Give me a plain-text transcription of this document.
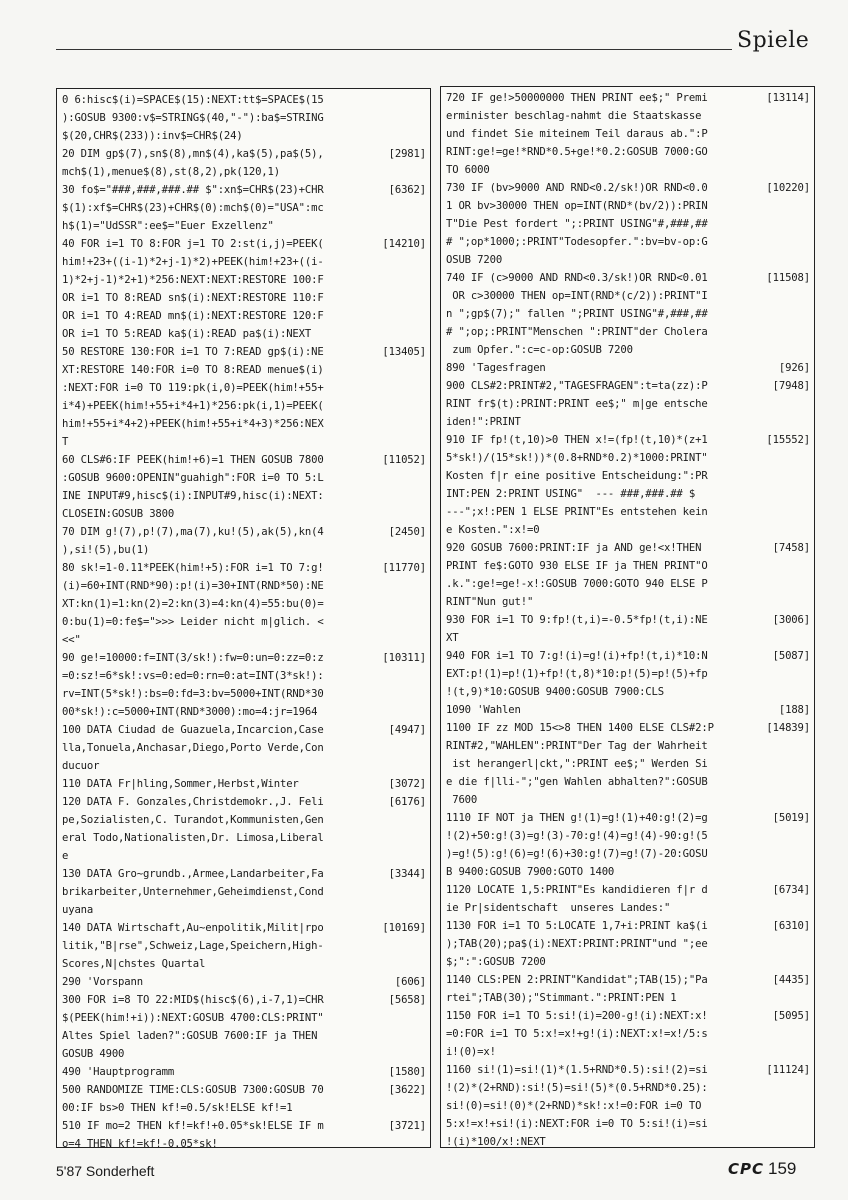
Spiele
0 6:hisc$(i)=SPACE$(15):NEXT:tt$=SPACE$(15
):GOSUB 9300:v$=STRING$(40,"-"):ba$=STRING
$(20,CHR$(233)):inv$=CHR$(24)
20 DIM gp$(7),sn$(8),mn$(4),ka$(5),pa$(5),	[2981]
mch$(1),menue$(8),st(8,2),pk(120,1)
30 fo$="###,###,###.## $":xn$=CHR$(23)+CHR	[6362]
$(1):xf$=CHR$(23)+CHR$(0):mch$(0)="USA":mc
h$(1)="UdSSR":ee$="Euer Exzellenz"
40 FOR i=1 TO 8:FOR j=1 TO 2:st(i,j)=PEEK(	[14210]
him!+23+((i-1)*2+j-1)*2)+PEEK(him!+23+((i-
1)*2+j-1)*2+1)*256:NEXT:NEXT:RESTORE 100:F
OR i=1 TO 8:READ sn$(i):NEXT:RESTORE 110:F
OR i=1 TO 4:READ mn$(i):NEXT:RESTORE 120:F
OR i=1 TO 5:READ ka$(i):READ pa$(i):NEXT
50 RESTORE 130:FOR i=1 TO 7:READ gp$(i):NE	[13405]
XT:RESTORE 140:FOR i=0 TO 8:READ menue$(i)
:NEXT:FOR i=0 TO 119:pk(i,0)=PEEK(him!+55+
i*4)+PEEK(him!+55+i*4+1)*256:pk(i,1)=PEEK(
him!+55+i*4+2)+PEEK(him!+55+i*4+3)*256:NEX
T
60 CLS#6:IF PEEK(him!+6)=1 THEN GOSUB 7800	[11052]
:GOSUB 9600:OPENIN"guahigh":FOR i=0 TO 5:L
INE INPUT#9,hisc$(i):INPUT#9,hisc(i):NEXT:
CLOSEIN:GOSUB 3800
70 DIM g!(7),p!(7),ma(7),ku!(5),ak(5),kn(4	[2450]
),si!(5),bu(1)
80 sk!=1-0.11*PEEK(him!+5):FOR i=1 TO 7:g!	[11770]
(i)=60+INT(RND*90):p!(i)=30+INT(RND*50):NE
XT:kn(1)=1:kn(2)=2:kn(3)=4:kn(4)=55:bu(0)=
0:bu(1)=0:fe$=">>> Leider nicht m|glich. <
<<"
90 ge!=10000:f=INT(3/sk!):fw=0:un=0:zz=0:z	[10311]
=0:sz!=6*sk!:vs=0:ed=0:rn=0:at=INT(3*sk!):
rv=INT(5*sk!):bs=0:fd=3:bv=5000+INT(RND*30
00*sk!):c=5000+INT(RND*3000):mo=4:jr=1964
100 DATA Ciudad de Guazuela,Incarcion,Case	[4947]
lla,Tonuela,Anchasar,Diego,Porto Verde,Con
ducuor
110 DATA Fr|hling,Sommer,Herbst,Winter	[3072]
120 DATA F. Gonzales,Christdemokr.,J. Feli	[6176]
pe,Sozialisten,C. Turandot,Kommunisten,Gen
eral Todo,Nationalisten,Dr. Limosa,Liberal
e
130 DATA Gro~grundb.,Armee,Landarbeiter,Fa	[3344]
brikarbeiter,Unternehmer,Geheimdienst,Cond
uyana
140 DATA Wirtschaft,Au~enpolitik,Milit|rpo	[10169]
litik,"B|rse",Schweiz,Lage,Speichern,High-
Scores,N|chstes Quartal
290 'Vorspann	[606]
300 FOR i=8 TO 22:MID$(hisc$(6),i-7,1)=CHR	[5658]
$(PEEK(him!+i)):NEXT:GOSUB 4700:CLS:PRINT"
Altes Spiel laden?":GOSUB 7600:IF ja THEN
GOSUB 4900
490 'Hauptprogramm	[1580]
500 RANDOMIZE TIME:CLS:GOSUB 7300:GOSUB 70	[3622]
00:IF bs>0 THEN kf!=0.5/sk!ELSE kf!=1
510 IF mo=2 THEN kf!=kf!+0.05*sk!ELSE IF m	[3721]
o=4 THEN kf!=kf!-0.05*sk!
720 IF ge!>50000000 THEN PRINT ee$;" Premi	[13114]
erminister beschlag-nahmt die Staatskasse
und findet Sie miteinem Teil daraus ab.":P
RINT:ge!=ge!*RND*0.5+ge!*0.2:GOSUB 7000:GO
TO 6000
730 IF (bv>9000 AND RND<0.2/sk!)OR RND<0.0	[10220]
1 OR bv>30000 THEN op=INT(RND*(bv/2)):PRIN
T"Die Pest fordert ";:PRINT USING"#,###,##
# ";op*1000;:PRINT"Todesopfer.":bv=bv-op:G
OSUB 7200
740 IF (c>9000 AND RND<0.3/sk!)OR RND<0.01	[11508]
OR c>30000 THEN op=INT(RND*(c/2)):PRINT"I
n ";gp$(7);" fallen ";PRINT USING"#,###,##
# ";op;:PRINT"Menschen ":PRINT"der Cholera
zum Opfer.":c=c-op:GOSUB 7200
890 'Tagesfragen	[926]
900 CLS#2:PRINT#2,"TAGESFRAGEN":t=ta(zz):P	[7948]
RINT fr$(t):PRINT:PRINT ee$;" m|ge entsche
iden!":PRINT
910 IF fp!(t,10)>0 THEN x!=(fp!(t,10)*(z+1	[15552]
5*sk!)/(15*sk!))*(0.8+RND*0.2)*1000:PRINT"
Kosten f|r eine positive Entscheidung:":PR
INT:PEN 2:PRINT USING"  --- ###,###.## $
---";x!:PEN 1 ELSE PRINT"Es entstehen kein
e Kosten.":x!=0
920 GOSUB 7600:PRINT:IF ja AND ge!<x!THEN	[7458]
PRINT fe$:GOTO 930 ELSE IF ja THEN PRINT"O
.k.":ge!=ge!-x!:GOSUB 7000:GOTO 940 ELSE P
RINT"Nun gut!"
930 FOR i=1 TO 9:fp!(t,i)=-0.5*fp!(t,i):NE	[3006]
XT
940 FOR i=1 TO 7:g!(i)=g!(i)+fp!(t,i)*10:N	[5087]
EXT:p!(1)=p!(1)+fp!(t,8)*10:p!(5)=p!(5)+fp
!(t,9)*10:GOSUB 9400:GOSUB 7900:CLS
1090 'Wahlen	[188]
1100 IF zz MOD 15<>8 THEN 1400 ELSE CLS#2:P	[14839]
RINT#2,"WAHLEN":PRINT"Der Tag der Wahrheit
ist herangerl|ckt,":PRINT ee$;" Werden Si
e die f|lli-";"gen Wahlen abhalten?":GOSUB
7600
1110 IF NOT ja THEN g!(1)=g!(1)+40:g!(2)=g	[5019]
!(2)+50:g!(3)=g!(3)-70:g!(4)=g!(4)-90:g!(5
)=g!(5):g!(6)=g!(6)+30:g!(7)=g!(7)-20:GOSU
B 9400:GOSUB 7900:GOTO 1400
1120 LOCATE 1,5:PRINT"Es kandidieren f|r d	[6734]
ie Pr|sidentschaft  unseres Landes:"
1130 FOR i=1 TO 5:LOCATE 1,7+i:PRINT ka$(i	[6310]
);TAB(20);pa$(i):NEXT:PRINT:PRINT"und ";ee
$;":":GOSUB 7200
1140 CLS:PEN 2:PRINT"Kandidat";TAB(15);"Pa	[4435]
rtei";TAB(30);"Stimmant.":PRINT:PEN 1
1150 FOR i=1 TO 5:si!(i)=200-g!(i):NEXT:x!	[5095]
=0:FOR i=1 TO 5:x!=x!+g!(i):NEXT:x!=x!/5:s
i!(0)=x!
1160 si!(1)=si!(1)*(1.5+RND*0.5):si!(2)=si	[11124]
!(2)*(2+RND):si!(5)=si!(5)*(0.5+RND*0.25):
si!(0)=si!(0)*(2+RND)*sk!:x!=0:FOR i=0 TO
5:x!=x!+si!(i):NEXT:FOR i=0 TO 5:si!(i)=si
!(i)*100/x!:NEXT
5'87 Sonderheft	CPC 159
